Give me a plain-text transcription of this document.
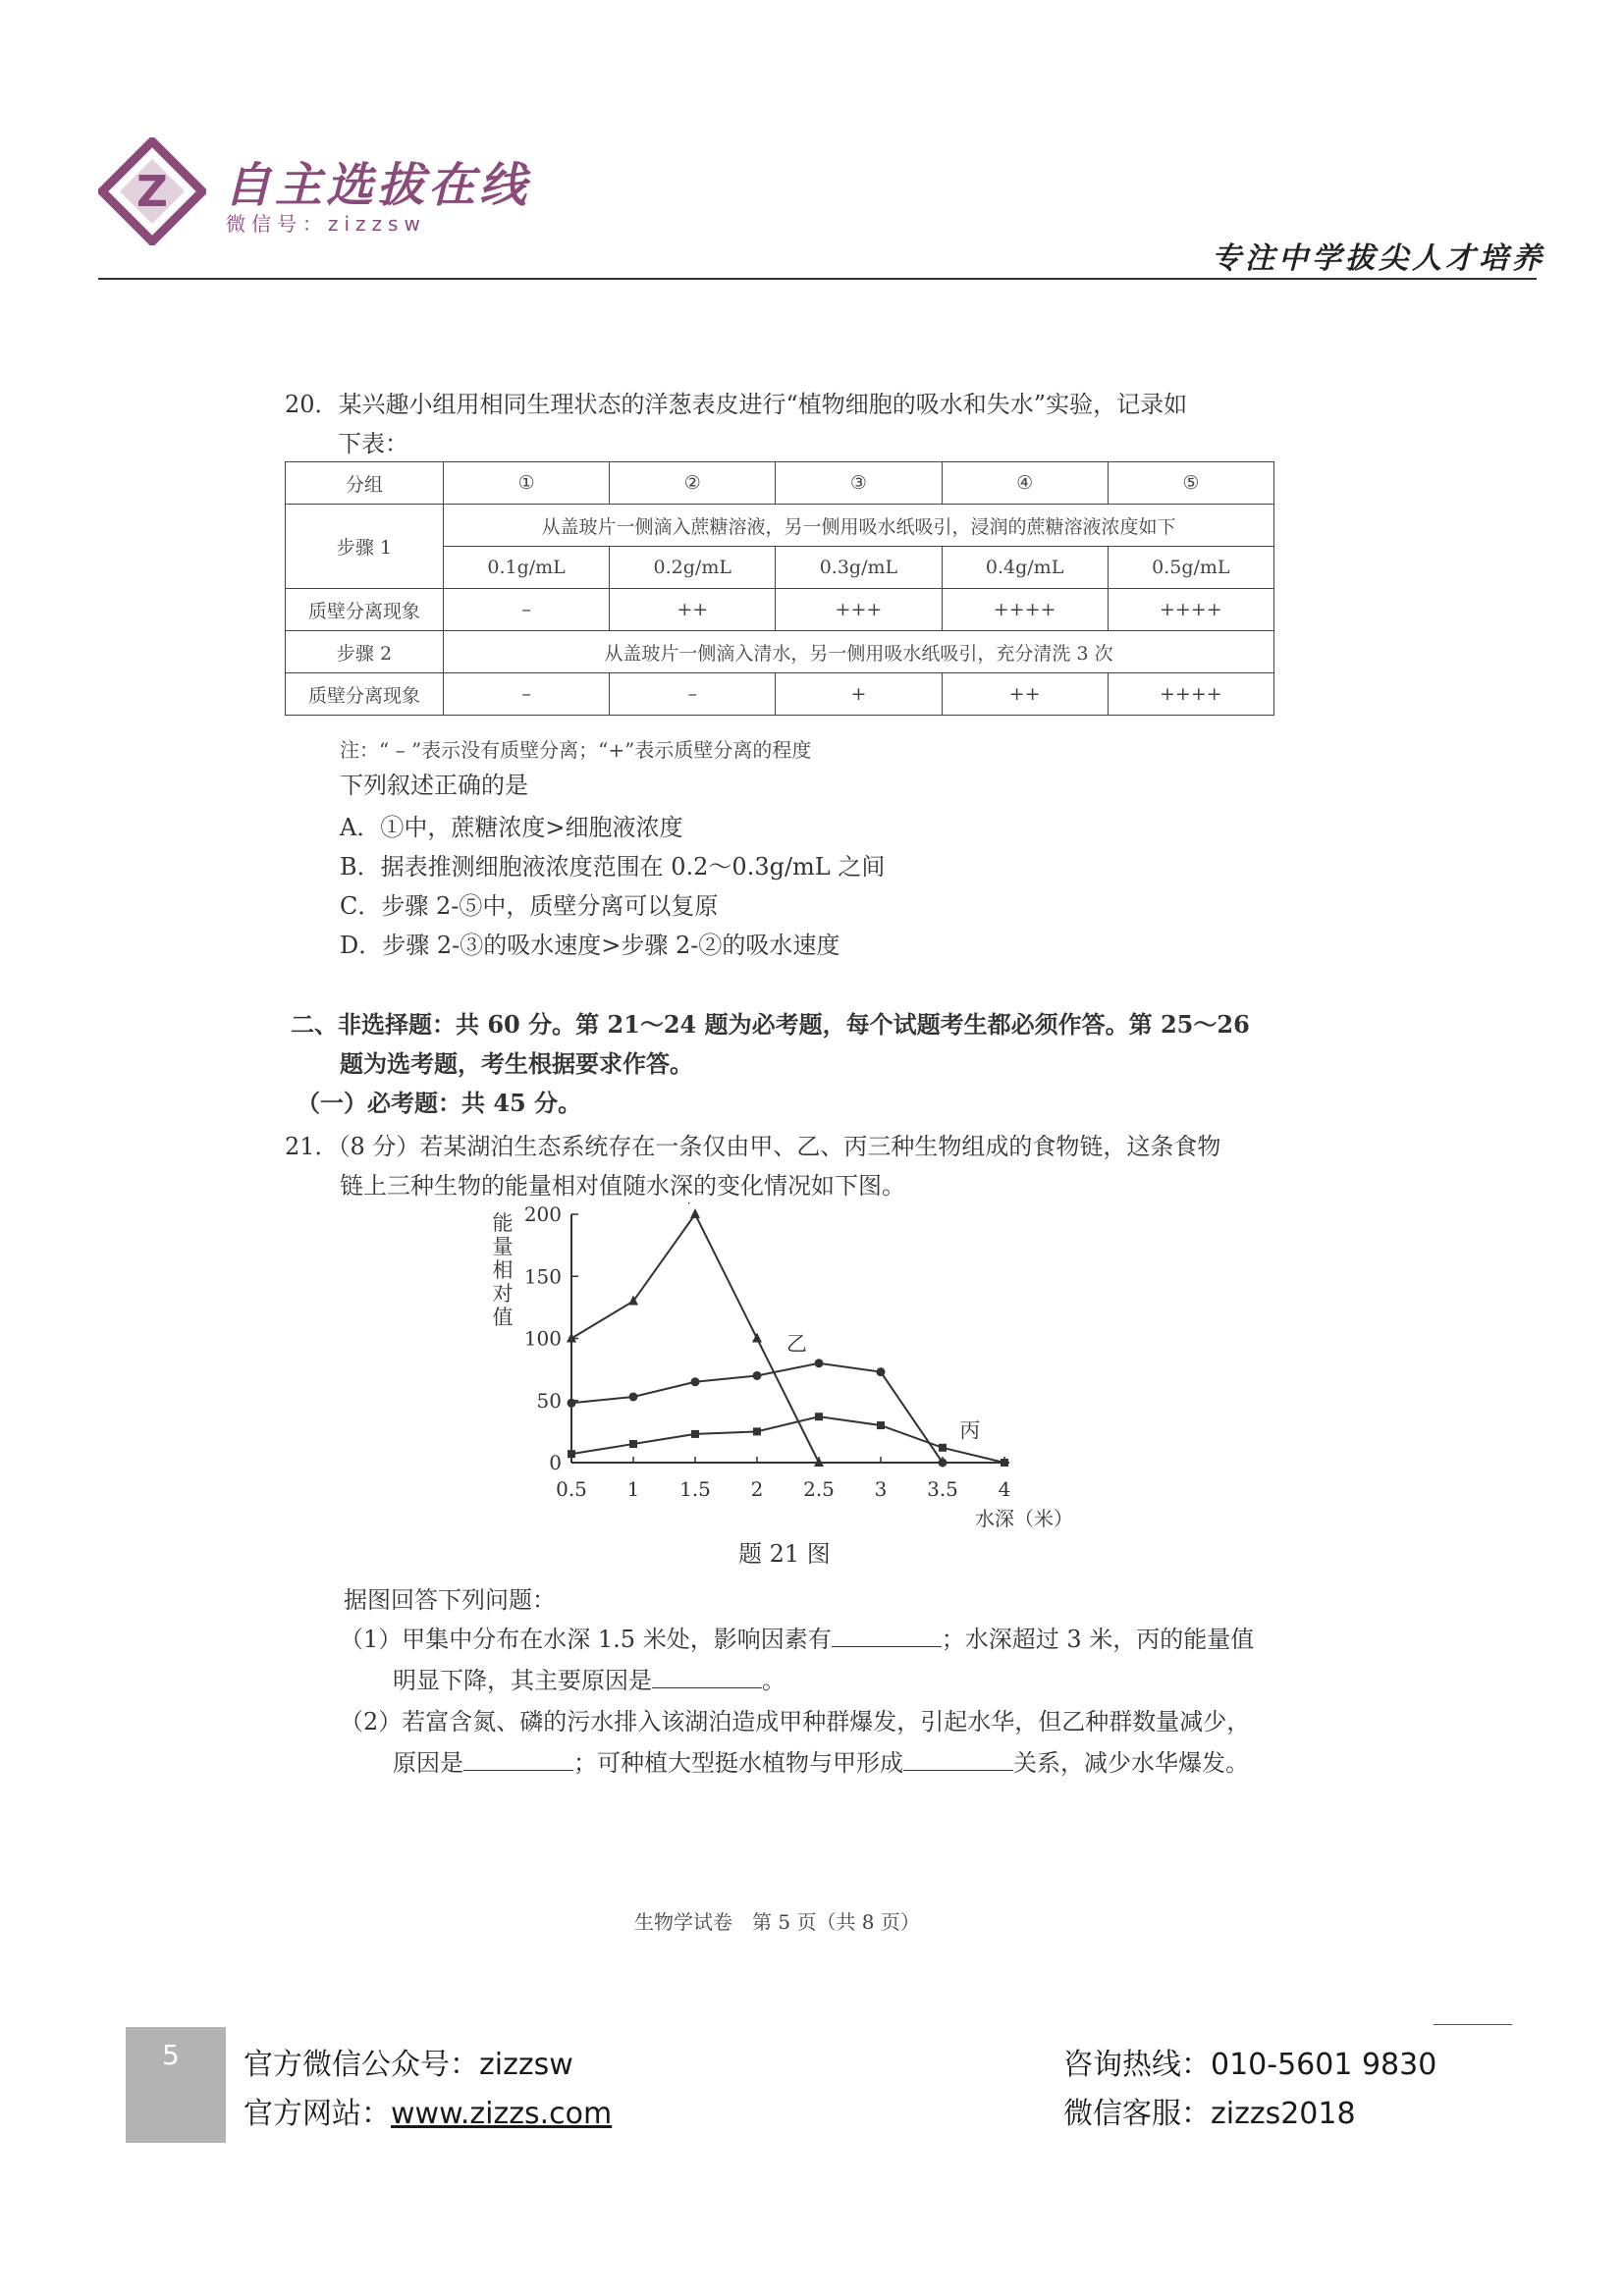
Z 自主选拔在线
微信号：zizzsw
专注中学拔尖人才培养
20．某兴趣小组用相同生理状态的洋葱表皮进行“植物细胞的吸水和失水”实验，记录如
下表：
分组	①	②	③	④	⑤
步骤 1	从盖玻片一侧滴入蔗糖溶液，另一侧用吸水纸吸引，浸润的蔗糖溶液浓度如下				
	0.1g/mL	0.2g/mL	0.3g/mL	0.4g/mL	0.5g/mL
质壁分离现象	–	++	+++	++++	++++
步骤 2	从盖玻片一侧滴入清水，另一侧用吸水纸吸引，充分清洗 3 次				
质壁分离现象	–	–	+	++	++++
注：“ – ”表示没有质壁分离；“+”表示质壁分离的程度
下列叙述正确的是
A．①中，蔗糖浓度>细胞液浓度
B．据表推测细胞液浓度范围在 0.2～0.3g/mL 之间
C．步骤 2-⑤中，质壁分离可以复原
D．步骤 2-③的吸水速度>步骤 2-②的吸水速度
二、非选择题：共 60 分。第 21～24 题为必考题，每个试题考生都必须作答。第 25～26
题为选考题，考生根据要求作答。
（一）必考题：共 45 分。
21．（8 分）若某湖泊生态系统存在一条仅由甲、乙、丙三种生物组成的食物链，这条食物
链上三种生物的能量相对值随水深的变化情况如下图。
0
50
100
150
200
0.5 1 1.5 2 2.5 3 3.5 4
能
量
相
对
值
水深（米）
乙
丙
题 21 图
据图回答下列问题：
（1）甲集中分布在水深 1.5 米处，影响因素有	；水深超过 3 米，丙的能量值
明显下降，其主要原因是	。
（2）若富含氮、磷的污水排入该湖泊造成甲种群爆发，引起水华，但乙种群数量减少，
原因是	；可种植大型挺水植物与甲形成	关系，减少水华爆发。
生物学试卷　第 5 页（共 8 页）
5 官方微信公众号：zizzsw
官方网站：www.zizzs.com
咨询热线：010-5601 9830
微信客服：zizzs2018
